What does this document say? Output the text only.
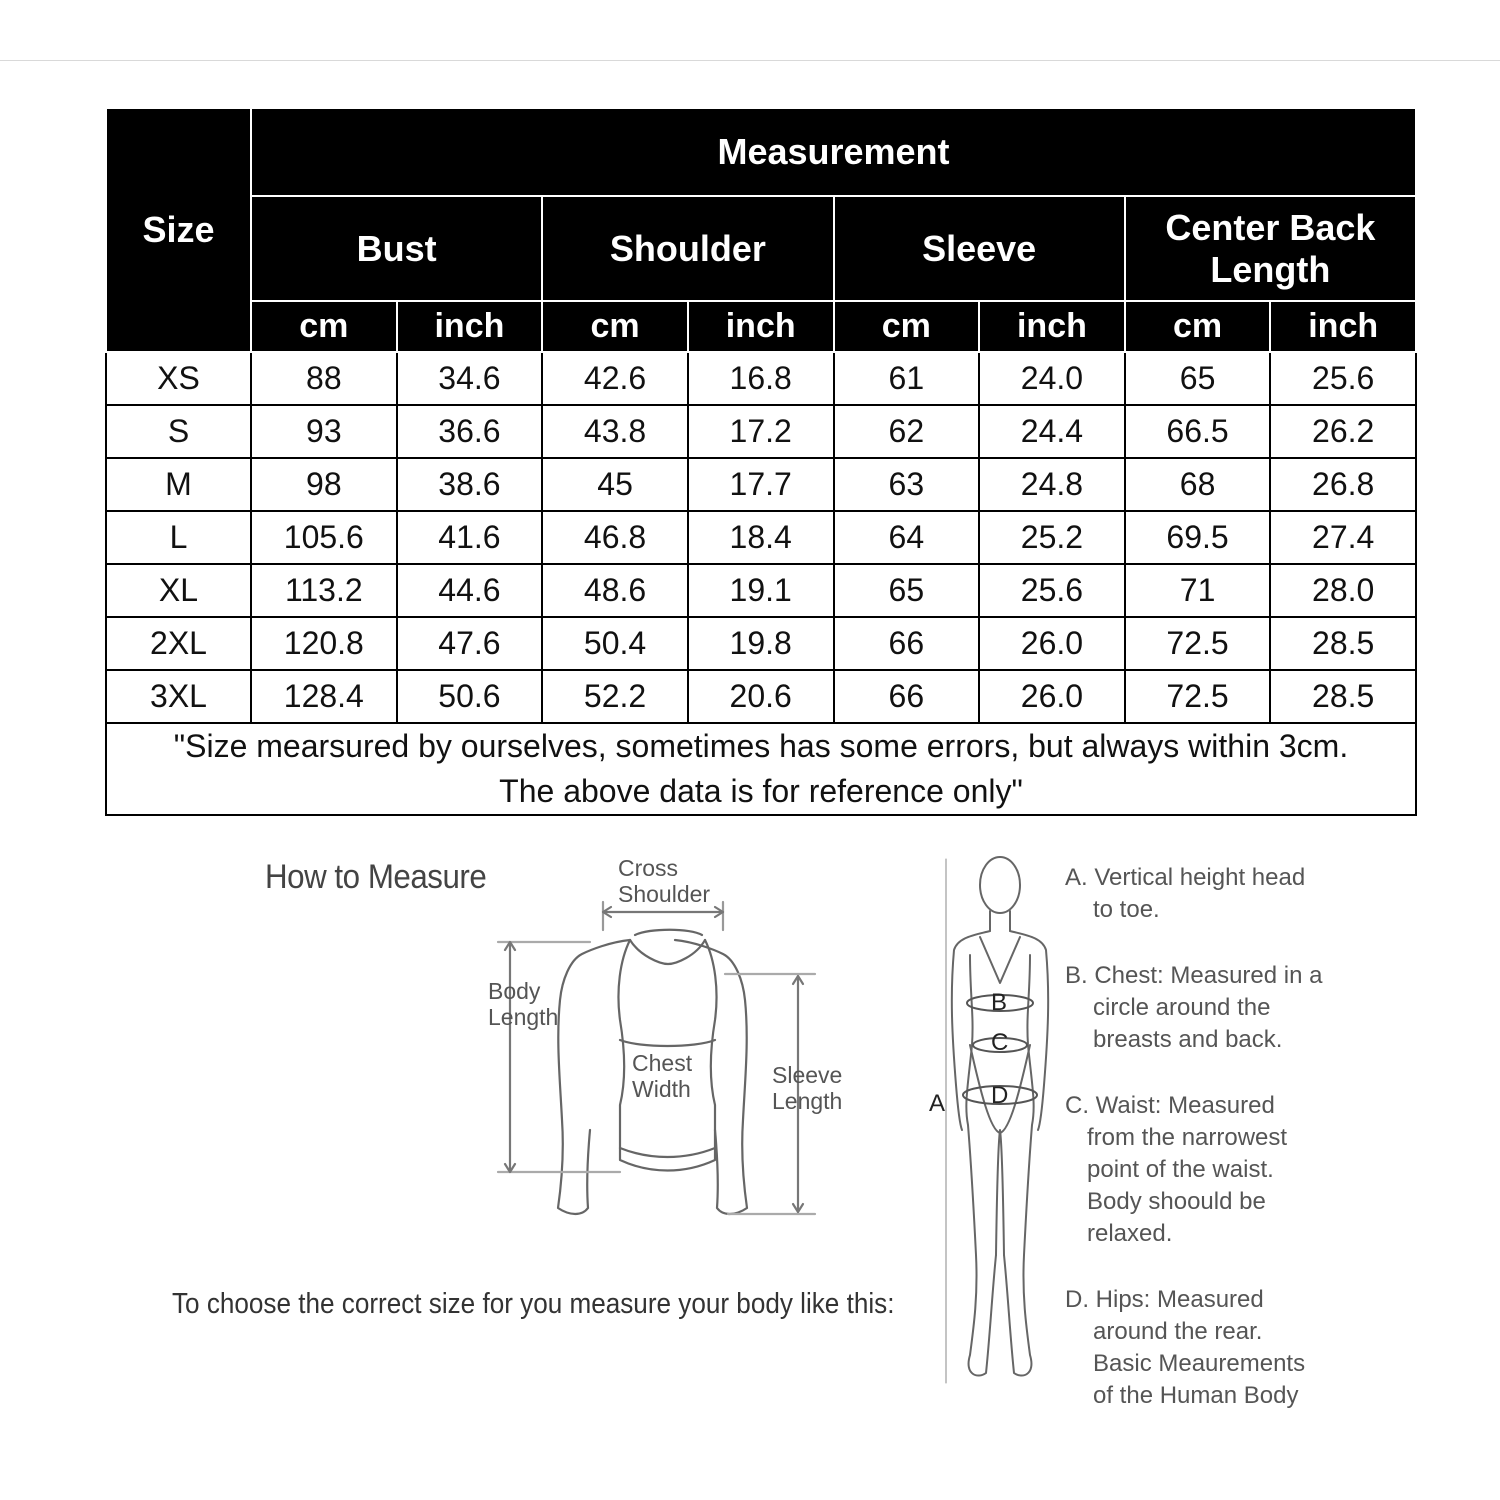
Size	Measurement							
	Bust		Shoulder		Sleeve		Center Back Length	
	cm	inch	cm	inch	cm	inch	cm	inch
XS	88	34.6	42.6	16.8	61	24.0	65	25.6
S	93	36.6	43.8	17.2	62	24.4	66.5	26.2
M	98	38.6	45	17.7	63	24.8	68	26.8
L	105.6	41.6	46.8	18.4	64	25.2	69.5	27.4
XL	113.2	44.6	48.6	19.1	65	25.6	71	28.0
2XL	120.8	47.6	50.4	19.8	66	26.0	72.5	28.5
3XL	128.4	50.6	52.2	20.6	66	26.0	72.5	28.5

"Size mearsured by ourselves, sometimes has some errors, but always within 3cm.
The above data is for reference only"								
How to Measure	Cross
Shoulder
Body
Length
Chest
Width
Sleeve
Length
To choose the correct size for you measure your body like this:
A
B
C
D
A. Vertical height head
to toe.
B. Chest: Measured in a
circle around the
breasts and back.
C. Waist: Measured
from the narrowest
point of the waist.
Body shoould be
relaxed.
D. Hips: Measured
around the rear.
Basic Meaurements
of the Human Body
